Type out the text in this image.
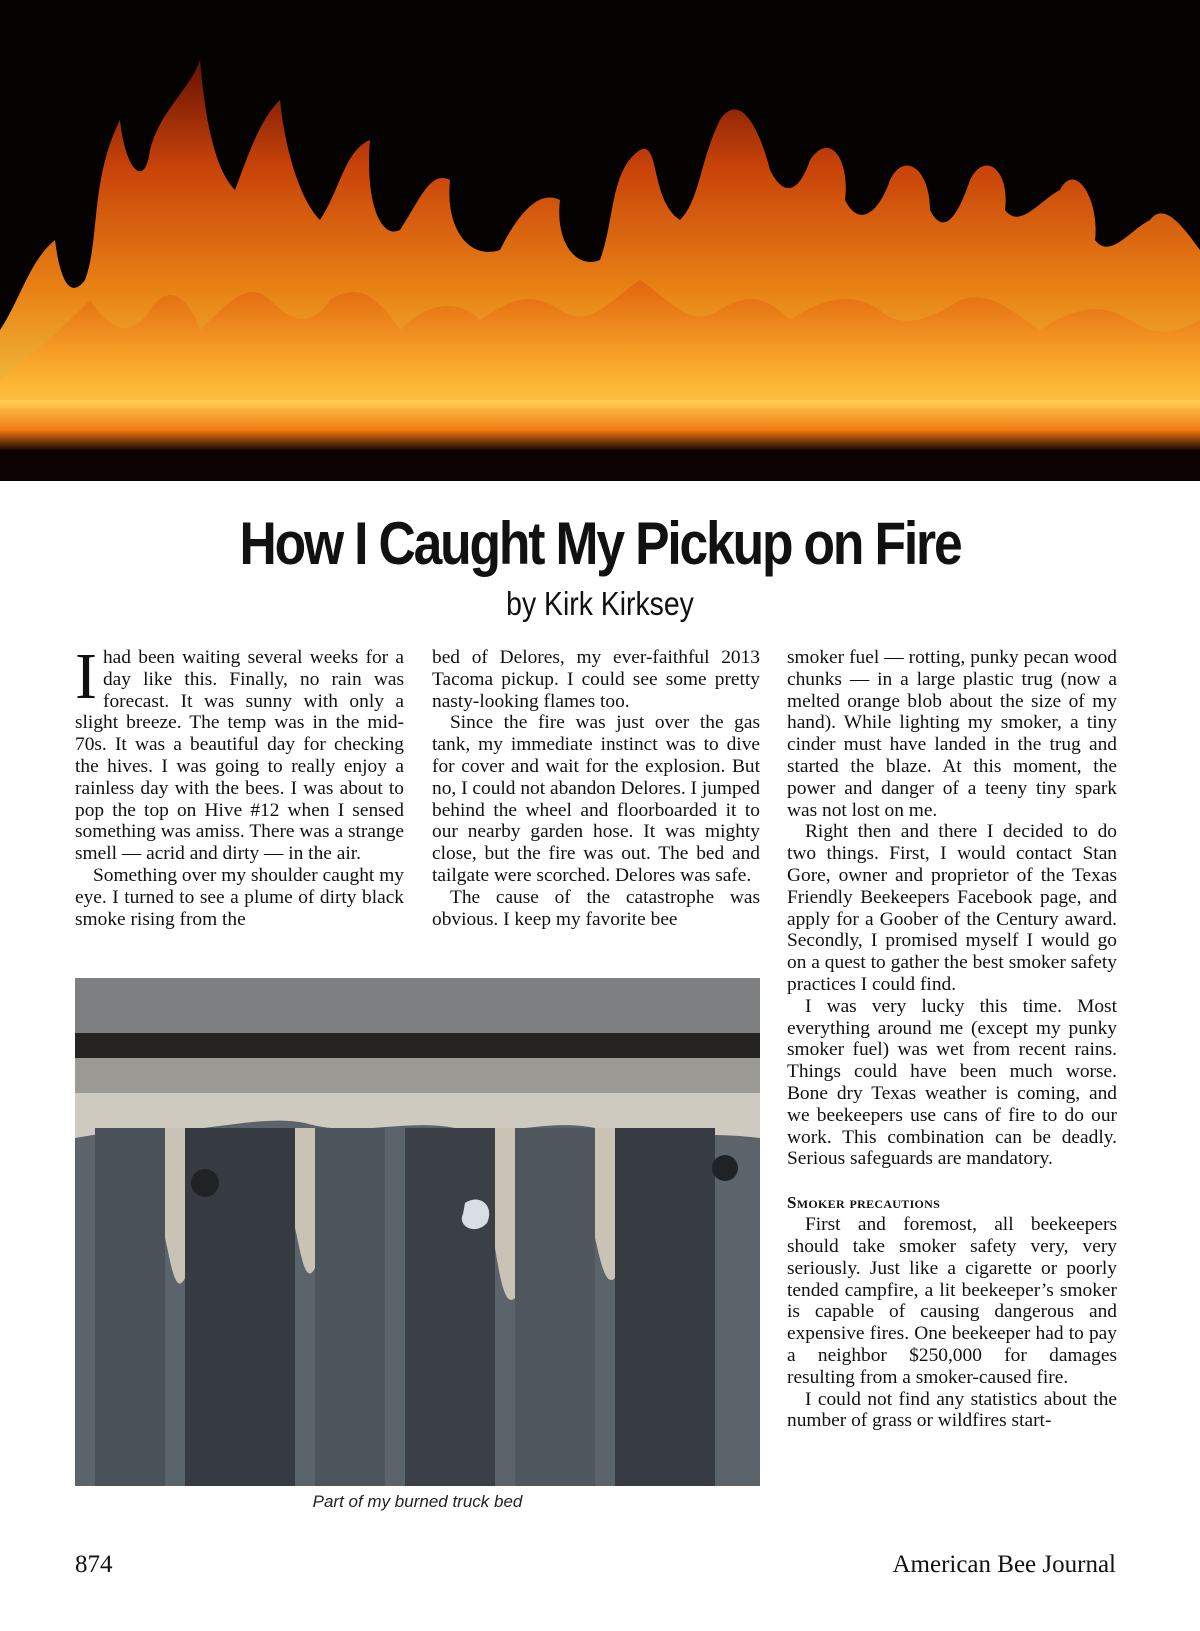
How I Caught My Pickup on Fire
by Kirk Kirksey

Ihad been waiting several weeks for a day like this. Finally, no rain was forecast. It was sunny with only a slight breeze. The temp was in the mid-70s. It was a beautiful day for checking the hives. I was going to really enjoy a rainless day with the bees. I was about to pop the top on Hive #12 when I sensed something was amiss. There was a strange smell — acrid and dirty — in the air.

Something over my shoulder caught my eye. I turned to see a plume of dirty black smoke rising from the

bed of Delores, my ever-faithful 2013 Tacoma pickup. I could see some pretty nasty-looking flames too.

Since the fire was just over the gas tank, my immediate instinct was to dive for cover and wait for the explosion. But no, I could not abandon Delores. I jumped behind the wheel and floorboarded it to our nearby garden hose. It was mighty close, but the fire was out. The bed and tailgate were scorched. Delores was safe.

The cause of the catastrophe was obvious. I keep my favorite bee

smoker fuel — rotting, punky pecan wood chunks — in a large plastic trug (now a melted orange blob about the size of my hand). While lighting my smoker, a tiny cinder must have landed in the trug and started the blaze. At this moment, the power and danger of a teeny tiny spark was not lost on me.

Right then and there I decided to do two things. First, I would contact Stan Gore, owner and proprietor of the Texas Friendly Beekeepers Facebook page, and apply for a Goober of the Century award. Secondly, I promised myself I would go on a quest to gather the best smoker safety practices I could find.

I was very lucky this time. Most everything around me (except my punky smoker fuel) was wet from recent rains. Things could have been much worse. Bone dry Texas weather is coming, and we beekeepers use cans of fire to do our work. This combination can be deadly. Serious safeguards are mandatory.

Smoker precautions

First and foremost, all beekeepers should take smoker safety very, very seriously. Just like a cigarette or poorly tended campfire, a lit beekeeper’s smoker is capable of causing dangerous and expensive fires. One beekeeper had to pay a neighbor $250,000 for damages resulting from a smoker-caused fire.

I could not find any statistics about the number of grass or wildfires start-

Part of my burned truck bed
874	American Bee Journal
